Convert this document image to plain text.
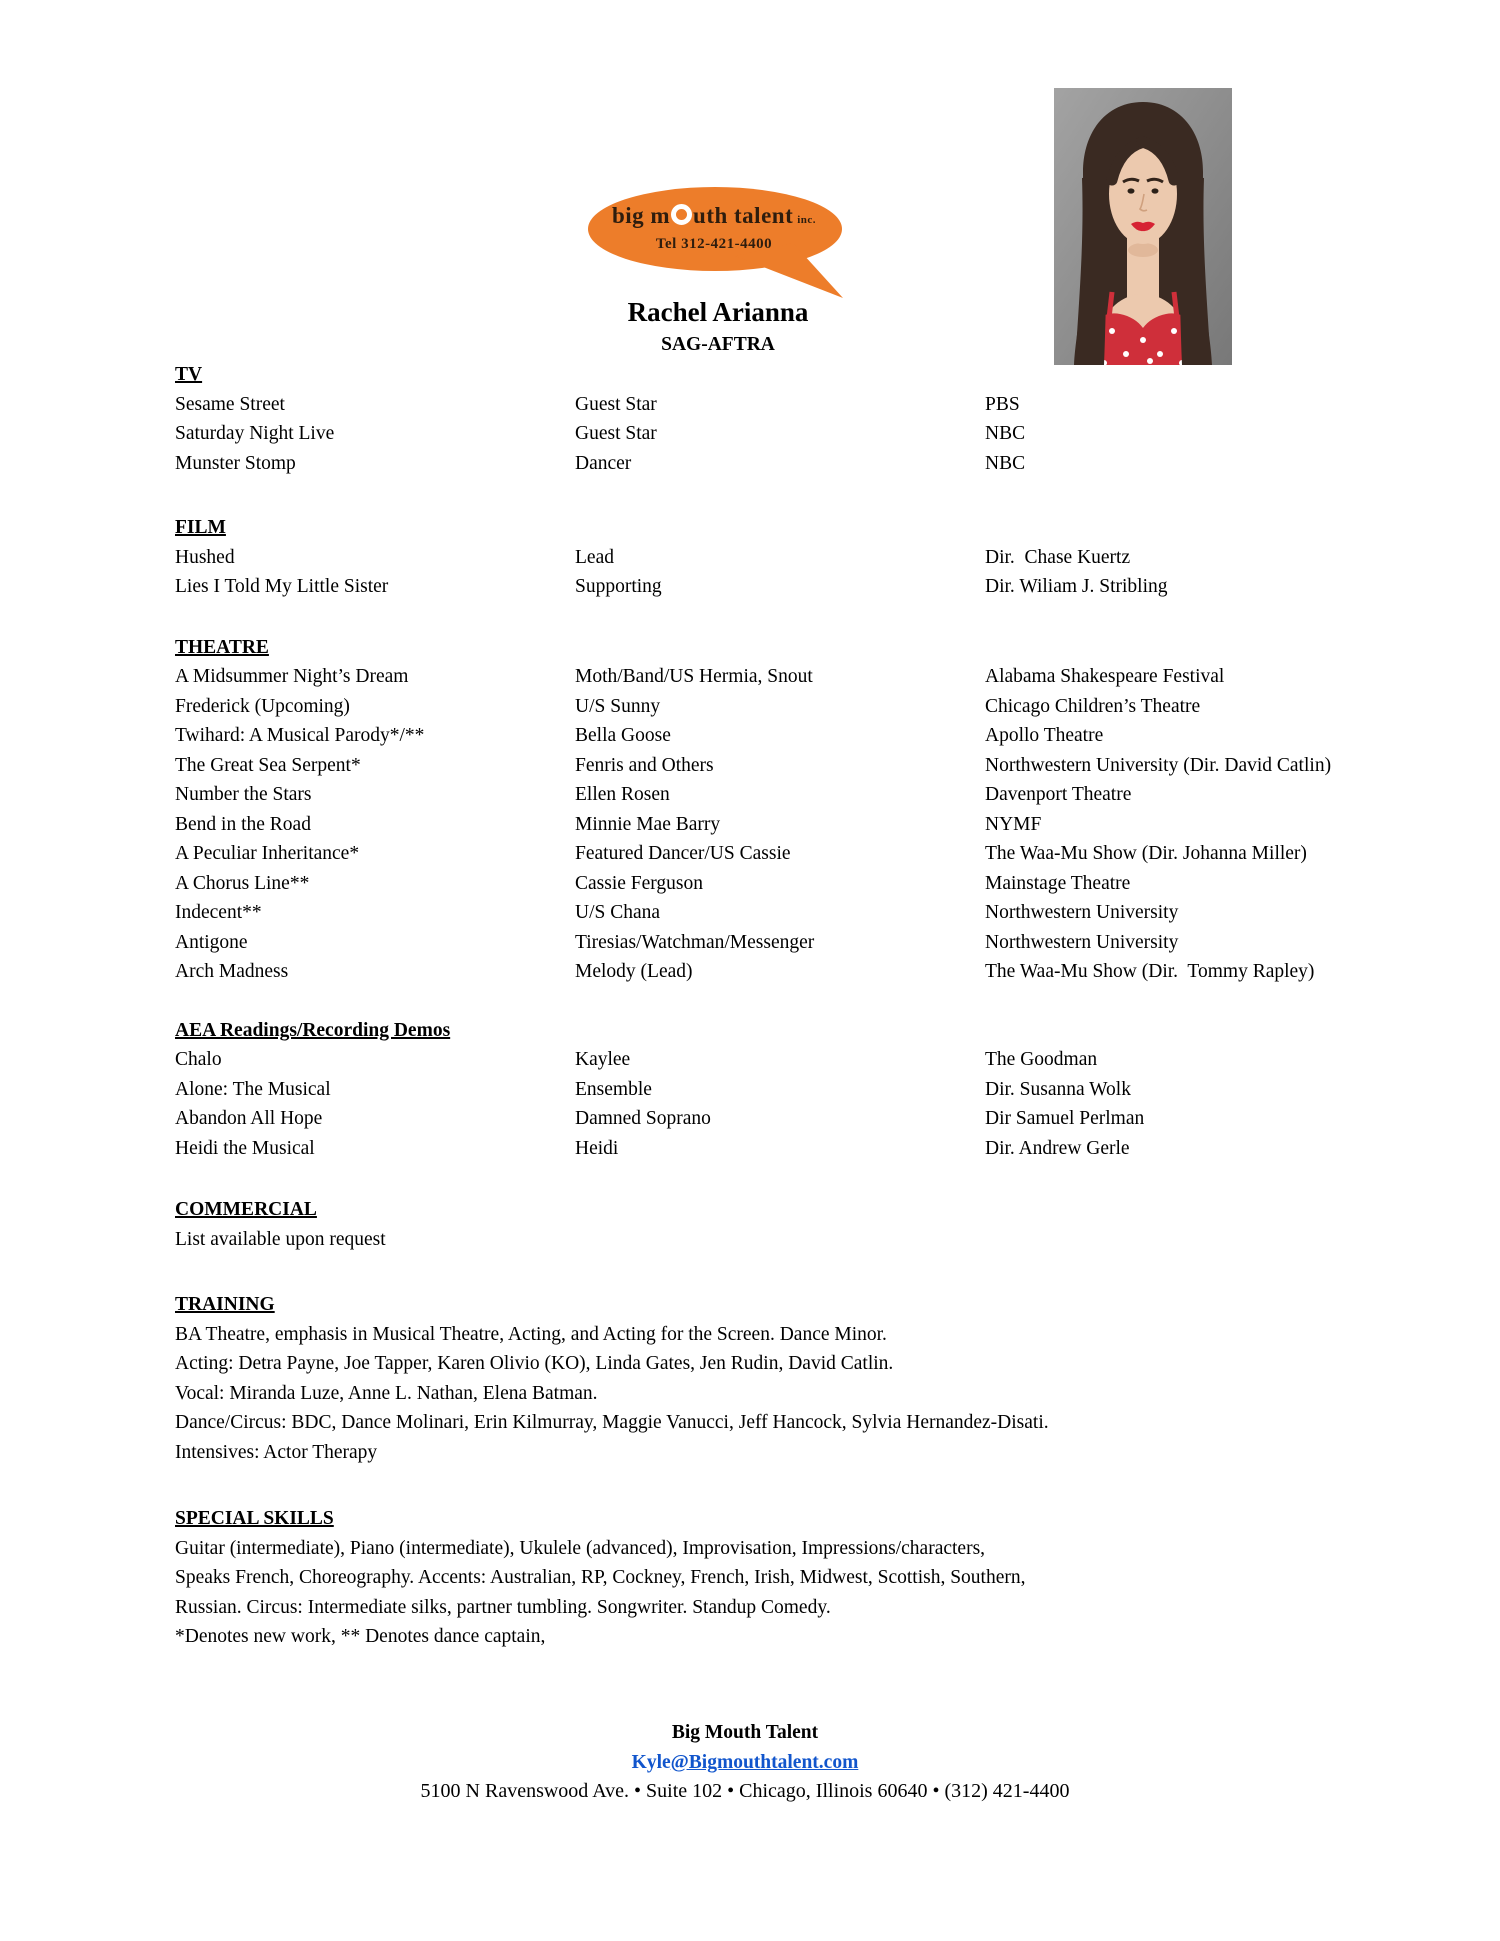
big m uth talent inc.
Tel 312-421-4400
Rachel Arianna
SAG-AFTRA
TV
Sesame Street	Guest Star	PBS
Saturday Night Live	Guest Star	NBC
Munster Stomp	Dancer	NBC
FILM
Hushed	Lead	Dir.  Chase Kuertz
Lies I Told My Little Sister	Supporting	Dir. Wiliam J. Stribling
THEATRE
A Midsummer Night’s Dream	Moth/Band/US Hermia, Snout	Alabama Shakespeare Festival
Frederick (Upcoming)	U/S Sunny	Chicago Children’s Theatre
Twihard: A Musical Parody*/**	Bella Goose	Apollo Theatre
The Great Sea Serpent*	Fenris and Others	Northwestern University (Dir. David Catlin)
Number the Stars	Ellen Rosen	Davenport Theatre
Bend in the Road	Minnie Mae Barry	NYMF
A Peculiar Inheritance*	Featured Dancer/US Cassie	The Waa-Mu Show (Dir. Johanna Miller)
A Chorus Line**	Cassie Ferguson	Mainstage Theatre
Indecent**	U/S Chana	Northwestern University
Antigone	Tiresias/Watchman/Messenger	Northwestern University
Arch Madness	Melody (Lead)	The Waa-Mu Show (Dir.  Tommy Rapley)
AEA Readings/Recording Demos
Chalo	Kaylee	The Goodman
Alone: The Musical	Ensemble	Dir. Susanna Wolk
Abandon All Hope	Damned Soprano	Dir Samuel Perlman
Heidi the Musical	Heidi	Dir. Andrew Gerle
COMMERCIAL
List available upon request
TRAINING
BA Theatre, emphasis in Musical Theatre, Acting, and Acting for the Screen. Dance Minor.
Acting: Detra Payne, Joe Tapper, Karen Olivio (KO), Linda Gates, Jen Rudin, David Catlin.
Vocal: Miranda Luze, Anne L. Nathan, Elena Batman.
Dance/Circus: BDC, Dance Molinari, Erin Kilmurray, Maggie Vanucci, Jeff Hancock, Sylvia Hernandez-Disati.
Intensives: Actor Therapy
SPECIAL SKILLS
Guitar (intermediate), Piano (intermediate), Ukulele (advanced), Improvisation, Impressions/characters,
Speaks French, Choreography. Accents: Australian, RP, Cockney, French, Irish, Midwest, Scottish, Southern,
Russian. Circus: Intermediate silks, partner tumbling. Songwriter. Standup Comedy.
*Denotes new work, ** Denotes dance captain,
Big Mouth Talent
Kyle@Bigmouthtalent.com
5100 N Ravenswood Ave. • Suite 102 • Chicago, Illinois 60640 • (312) 421-4400
